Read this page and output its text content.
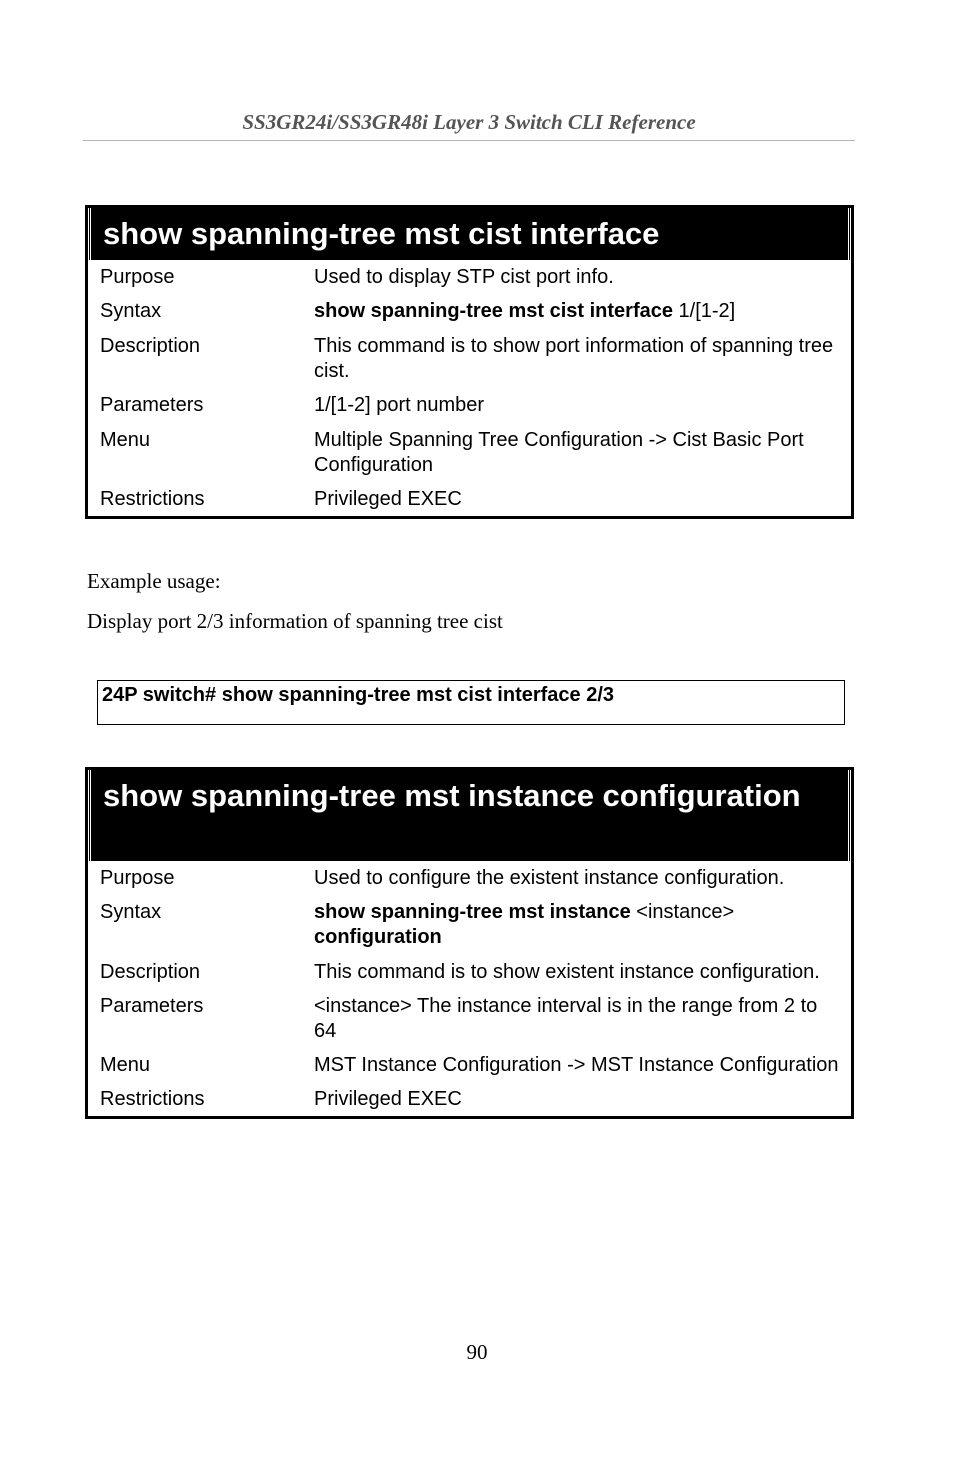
SS3GR24i/SS3GR48i Layer 3 Switch CLI Reference
show spanning-tree mst cist interface
Purpose	Used to display STP cist port info.
Syntax	show spanning-tree mst cist interface 1/[1-2]
Description	This command is to show port information of spanning tree cist.
Parameters	1/[1-2] port number
Menu	Multiple Spanning Tree Configuration -> Cist Basic Port Configuration
Restrictions	Privileged EXEC
Example usage:
Display port 2/3 information of spanning tree cist
24P switch# show spanning-tree mst cist interface 2/3
show spanning-tree mst instance configuration
Purpose	Used to configure the existent instance configuration.
Syntax	show spanning-tree mst instance <instance>
configuration
Description	This command is to show existent instance configuration.
Parameters	<instance> The instance interval is in the range from 2 to 64
Menu	MST Instance Configuration -> MST Instance Configuration
Restrictions	Privileged EXEC
90
